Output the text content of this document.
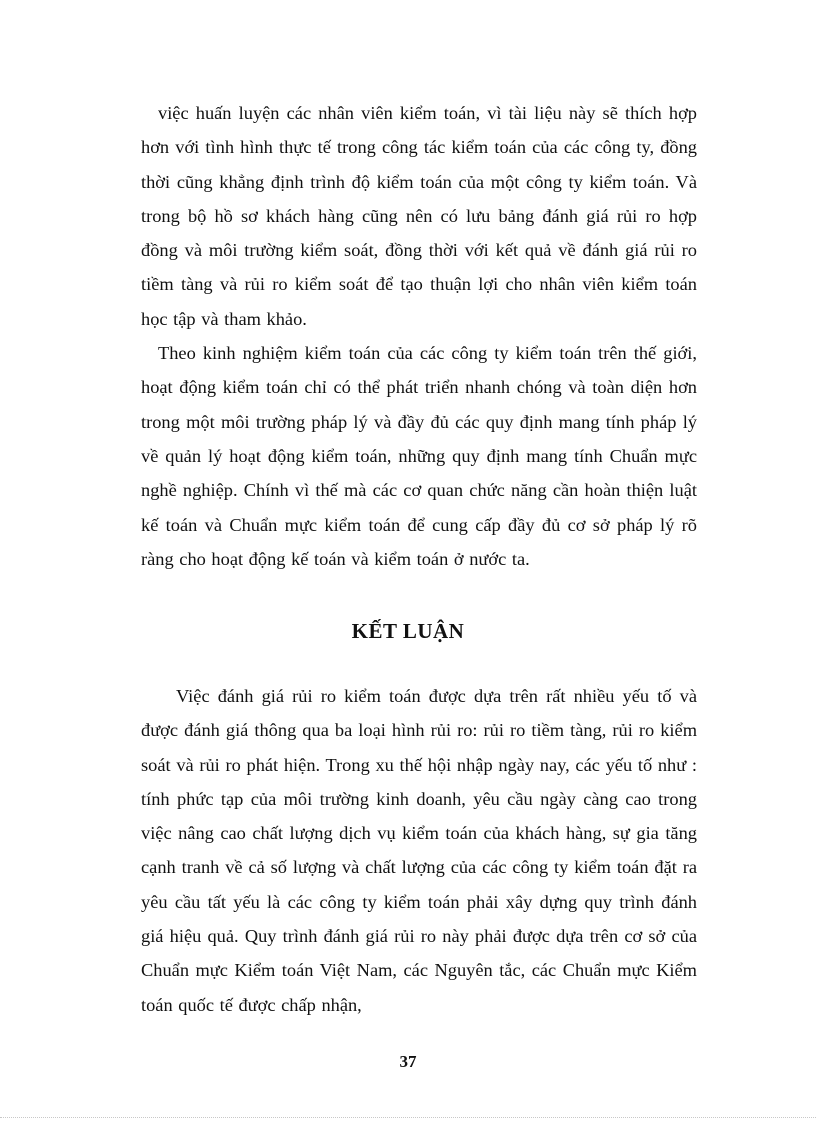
việc huấn luyện các nhân viên kiểm toán, vì tài liệu này sẽ thích hợp hơn với tình hình thực tế trong công tác kiểm toán của các công ty, đồng thời cũng khẳng định trình độ kiểm toán của một công ty kiểm toán. Và trong bộ hồ sơ khách hàng cũng nên có lưu bảng đánh giá rủi ro hợp đồng và môi trường kiểm soát, đồng thời với kết quả về đánh giá rủi ro tiềm tàng và rủi ro kiểm soát để tạo thuận lợi cho nhân viên kiểm toán học tập và tham khảo.

Theo kinh nghiệm kiểm toán của các công ty kiểm toán trên thế giới, hoạt động kiểm toán chỉ có thể phát triển nhanh chóng và toàn diện hơn trong một môi trường pháp lý và đầy đủ các quy định mang tính pháp lý về quản lý hoạt động kiểm toán, những quy định mang tính Chuẩn mực nghề nghiệp. Chính vì thế mà các cơ quan chức năng cần hoàn thiện luật kế toán và Chuẩn mực kiểm toán để cung cấp đầy đủ cơ sở pháp lý rõ ràng cho hoạt động kế toán và kiểm toán ở nước ta.

KẾT LUẬN

Việc đánh giá rủi ro kiểm toán được dựa trên rất nhiều yếu tố và được đánh giá thông qua ba loại hình rủi ro: rủi ro tiềm tàng, rủi ro kiểm soát và rủi ro phát hiện. Trong xu thế hội nhập ngày nay, các yếu tố như : tính phức tạp của môi trường kinh doanh, yêu cầu ngày càng cao trong việc nâng cao chất lượng dịch vụ kiểm toán của khách hàng, sự gia tăng cạnh tranh về cả số lượng và chất lượng của các công ty kiểm toán đặt ra yêu cầu tất yếu là các công ty kiểm toán phải xây dựng quy trình đánh giá hiệu quả. Quy trình đánh giá rủi ro này phải được dựa trên cơ sở của Chuẩn mực Kiểm toán Việt Nam, các Nguyên tắc, các Chuẩn mực Kiểm toán quốc tế được chấp nhận,

37
